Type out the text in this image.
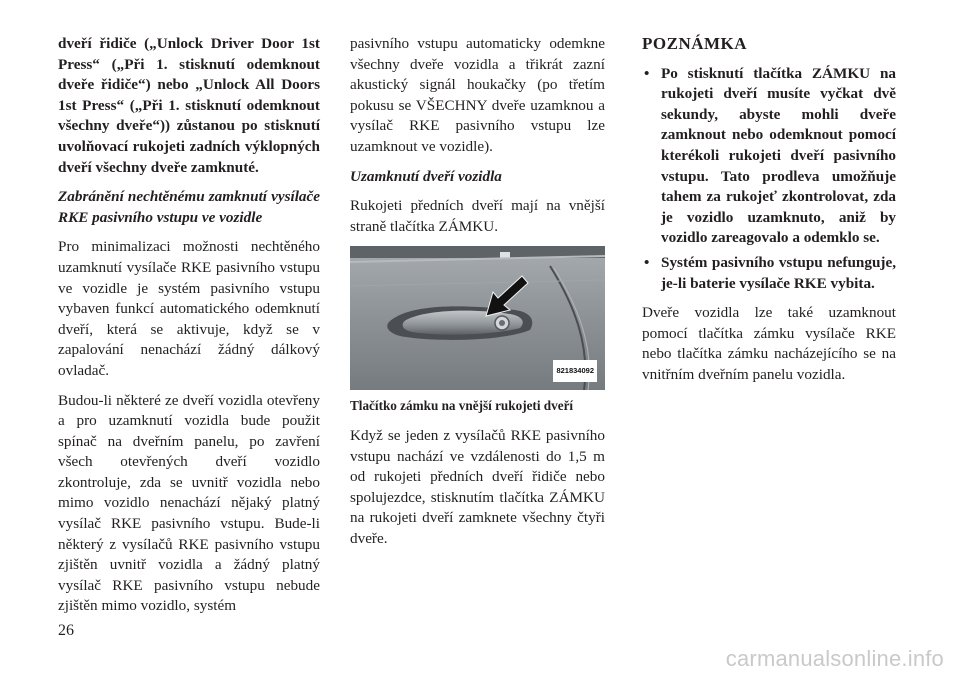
dveří řidiče („Unlock Driver Door 1st Press“ („Při 1. stisknutí odemknout dveře řidiče“) nebo „Unlock All Doors 1st Press“ („Při 1. stisknutí odemknout všechny dveře“)) zůstanou po stisknutí uvolňovací rukojeti zadních výklopných dveří všechny dveře zamknuté.

Zabránění nechtěnému zamknutí vysílače RKE pasivního vstupu ve vozidle

Pro minimalizaci možnosti nechtěného uzamknutí vysílače RKE pasivního vstupu ve vozidle je systém pasivního vstupu vybaven funkcí automatického odemknutí dveří, která se aktivuje, když se v zapalování nenachází žádný dálkový ovladač.

Budou-li některé ze dveří vozidla otevřeny a pro uzamknutí vozidla bude použit spínač na dveřním panelu, po zavření všech otevřených dveří vozidlo zkontroluje, zda se uvnitř vozidla nebo mimo vozidlo nenachází nějaký platný vysílač RKE pasivního vstupu. Bude-li některý z vysílačů RKE pasivního vstupu zjištěn uvnitř vozidla a žádný platný vysílač RKE pasivního vstupu nebude zjištěn mimo vozidlo, systém

pasivního vstupu automaticky odemkne všechny dveře vozidla a třikrát zazní akustický signál houkačky (po třetím pokusu se VŠECHNY dveře uzamknou a vysílač RKE pasivního vstupu lze uzamknout ve vozidle).

Uzamknutí dveří vozidla

Rukojeti předních dveří mají na vnější straně tlačítka ZÁMKU.

821834092

Tlačítko zámku na vnější rukojeti dveří

Když se jeden z vysílačů RKE pasivního vstupu nachází ve vzdálenosti do 1,5 m od rukojeti předních dveří řidiče nebo spolujezdce, stisknutím tlačítka ZÁMKU na rukojeti dveří zamknete všechny čtyři dveře.

POZNÁMKA

• Po stisknutí tlačítka ZÁMKU na rukojeti dveří musíte vyčkat dvě sekundy, abyste mohli dveře zamknout nebo odemknout pomocí kterékoli rukojeti dveří pasivního vstupu. Tato prodleva umožňuje tahem za rukojeť zkontrolovat, zda je vozidlo uzamknuto, aniž by vozidlo zareagovalo a odemklo se.
• Systém pasivního vstupu nefunguje, je-li baterie vysílače RKE vybita.

Dveře vozidla lze také uzamknout pomocí tlačítka zámku vysílače RKE nebo tlačítka zámku nacházejícího se na vnitřním dveřním panelu vozidla.

26
carmanualsonline.info
